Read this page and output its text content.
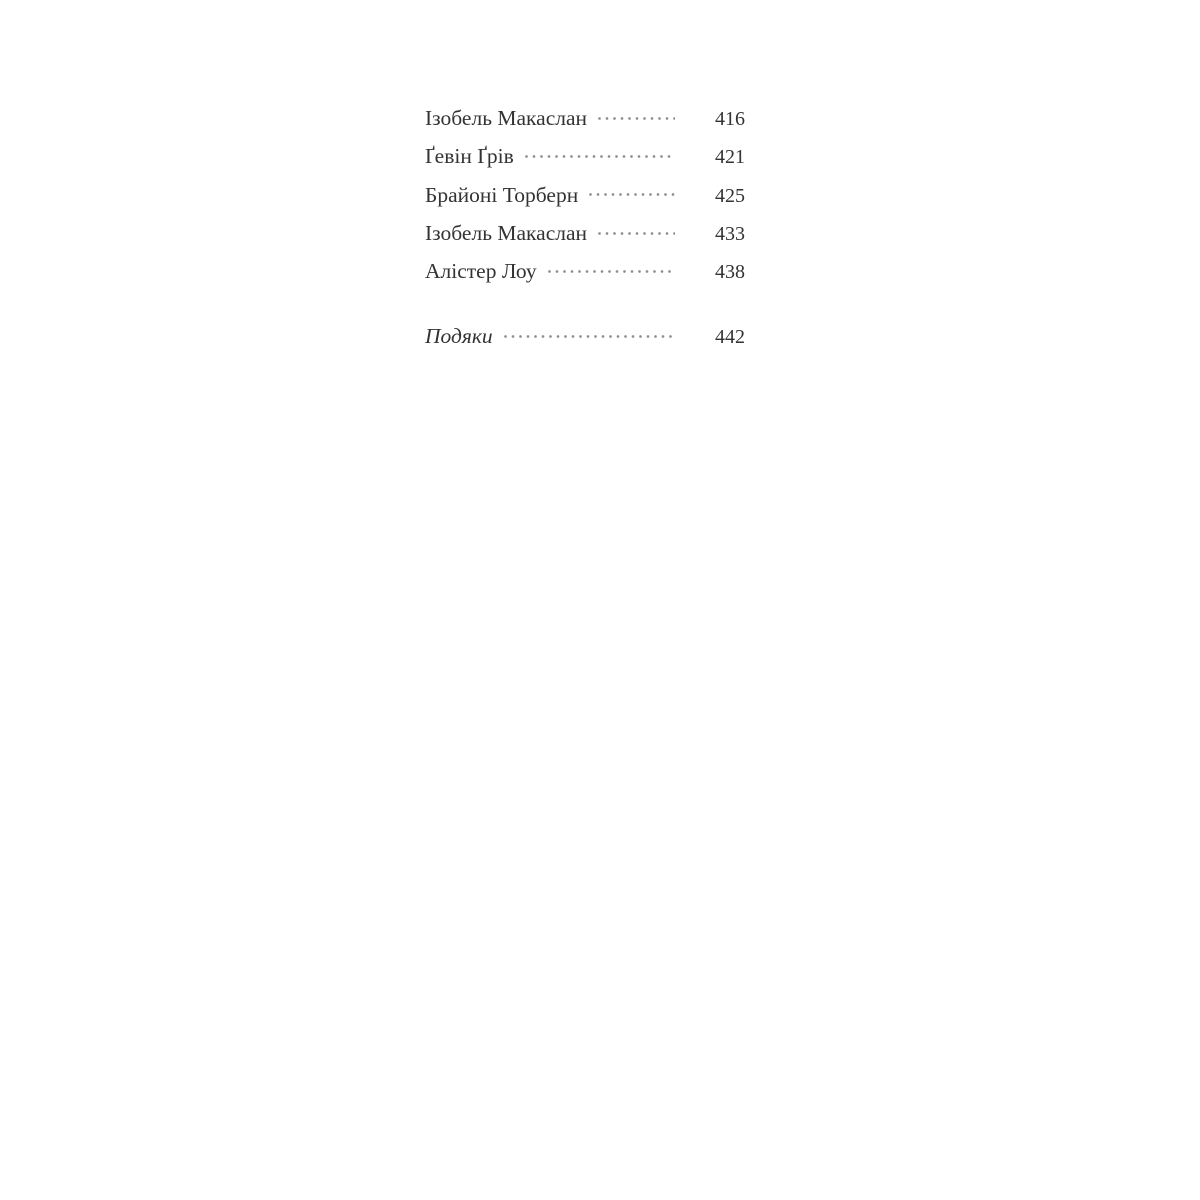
Ізобель Макаслан	416
Ґевін Ґрів	421
Брайоні Торберн	425
Ізобель Макаслан	433
Алістер Лоу	438
Подяки	442
